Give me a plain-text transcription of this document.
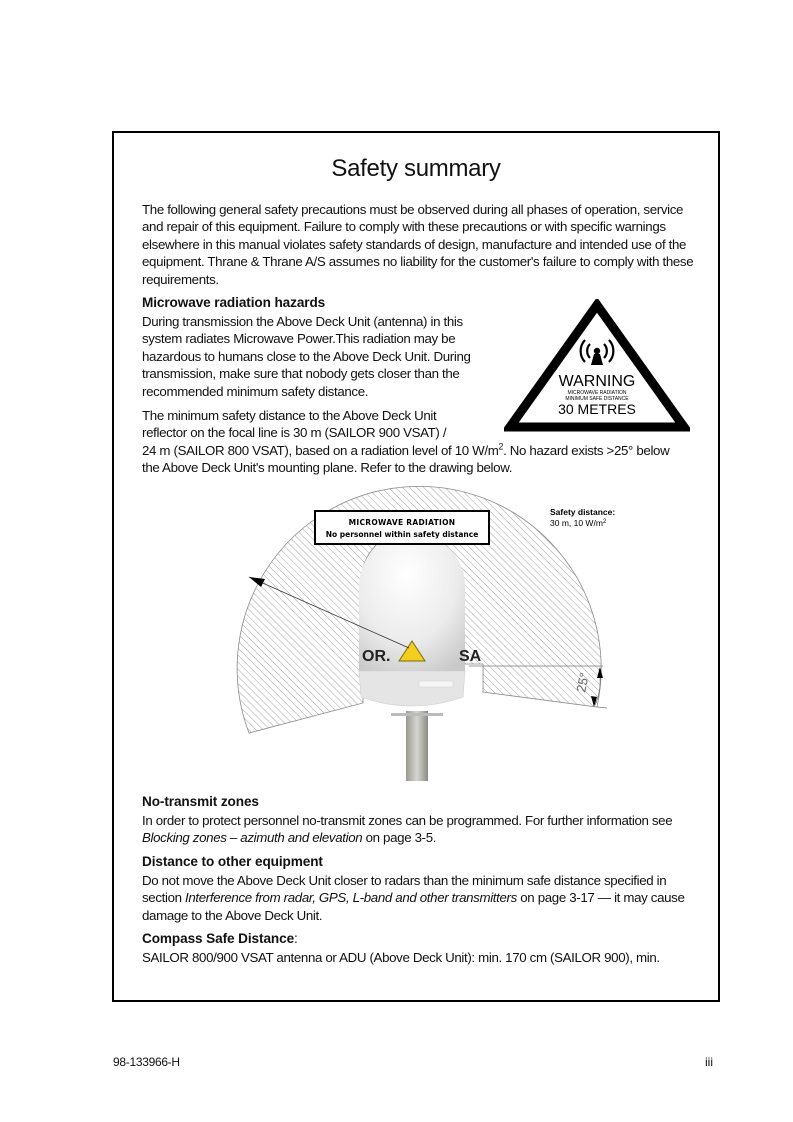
Safety summary

The following general safety precautions must be observed during all phases of operation, service and repair of this equipment. Failure to comply with these precautions or with specific warnings elsewhere in this manual violates safety standards of design, manufacture and intended use of the equipment. Thrane & Thrane A/S assumes no liability for the customer's failure to comply with these requirements.

Microwave radiation hazards

During transmission the Above Deck Unit (antenna) in this system radiates Microwave Power.This radiation may be hazardous to humans close to the Above Deck Unit. During transmission, make sure that nobody gets closer than the recommended minimum safety distance.

The minimum safety distance to the Above Deck Unit
reflector on the focal line is 30 m (SAILOR 900 VSAT) /
24 m (SAILOR 800 VSAT), based on a radiation level of 10 $W/m^2$. No hazard exists >25° below
the Above Deck Unit's mounting plane. Refer to the drawing below.

WARNING
MICROWAVE RADIATION
MINIMUM SAFE DISTANCE
30 METRES
OR.	SA
25°
MICROWAVE RADIATION
No personnel within safety distance
Safety distance:
30 m, 10 $W/m^2$

No-transmit zones

In order to protect personnel no-transmit zones can be programmed. For further information see Blocking zones – azimuth and elevation on page 3-5.

Distance to other equipment

Do not move the Above Deck Unit closer to radars than the minimum safe distance specified in section Interference from radar, GPS, L-band and other transmitters on page 3-17 — it may cause damage to the Above Deck Unit.

Compass Safe Distance:

SAILOR 800/900 VSAT antenna or ADU (Above Deck Unit): min. 170 cm (SAILOR 900), min.

98-133966-H	iii
